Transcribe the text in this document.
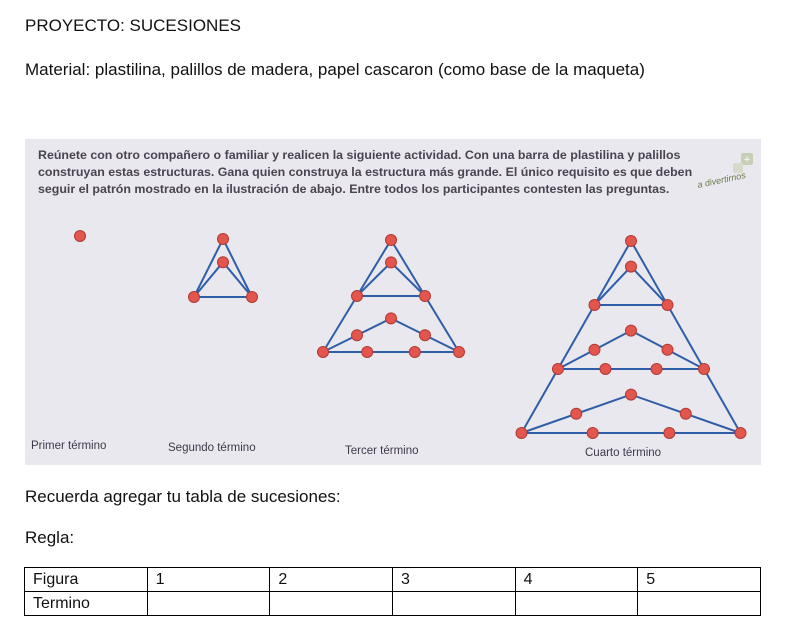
PROYECTO: SUCESIONES
Material: plastilina, palillos de madera, papel cascaron (como base de la maqueta)
Reúnete con otro compañero o familiar y realicen la siguiente actividad. Con una barra de plastilina y palillos construyan estas estructuras. Gana quien construya la estructura más grande. El único requisito es que deben seguir el patrón mostrado en la ilustración de abajo. Entre todos los participantes contesten las preguntas.
+
a divertirnos
Primer término	Segundo término	Tercer término	Cuarto término
Recuerda agregar tu tabla de sucesiones:
Regla:
Figura	1	2	3	4	5
Termino					
